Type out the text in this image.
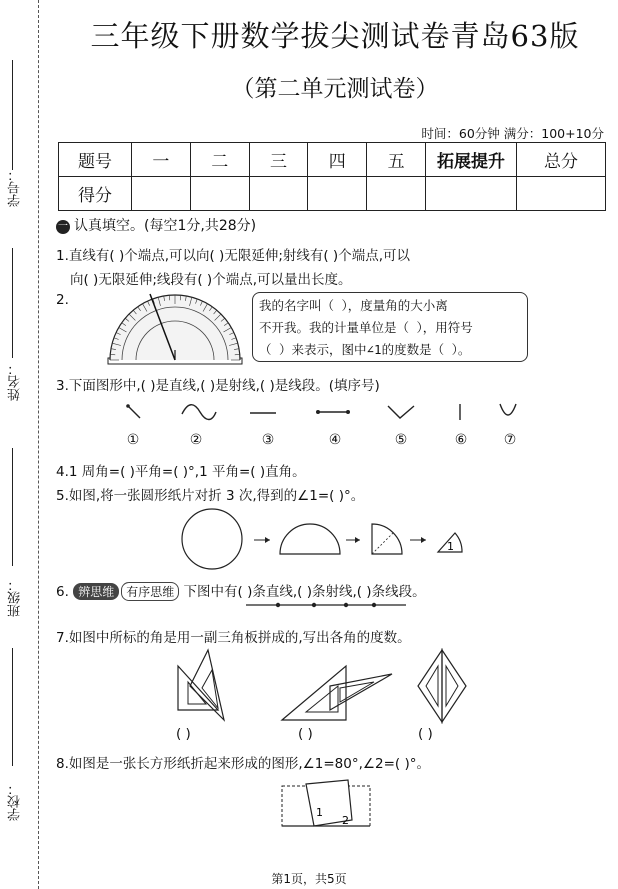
学号：
姓名：
班级：
学校：
三年级下册数学拔尖测试卷青岛63版
（第二单元测试卷）
时间：60分钟 满分：100+10分
题号	一	二	三	四	五	拓展提升	总分
得分							
一 认真填空。(每空1分,共28分)
1.直线有( )个端点,可以向( )无限延伸;射线有( )个端点,可以
向( )无限延伸;线段有( )个端点,可以量出长度。
2.	我的名字叫（ ），度量角的大小离
不开我。我的计量单位是（ ），用符号
（ ）来表示，图中∠1的度数是（ ）。
3.下面图形中,( )是直线,( )是射线,( )是线段。(填序号)
①	②	③	④	⑤	⑥	⑦
4.1 周角=( )平角=( )°,1 平角=( )直角。
5.如图,将一张圆形纸片对折 3 次,得到的∠1=( )°。
1
6. 辨思维 有序思维 下图中有( )条直线,( )条射线,( )条线段。
7.如图中所标的角是用一副三角板拼成的,写出各角的度数。
( )	( )	( )
8.如图是一张长方形纸折起来形成的图形,∠1=80°,∠2=( )°。
1
2
第1页，共5页
